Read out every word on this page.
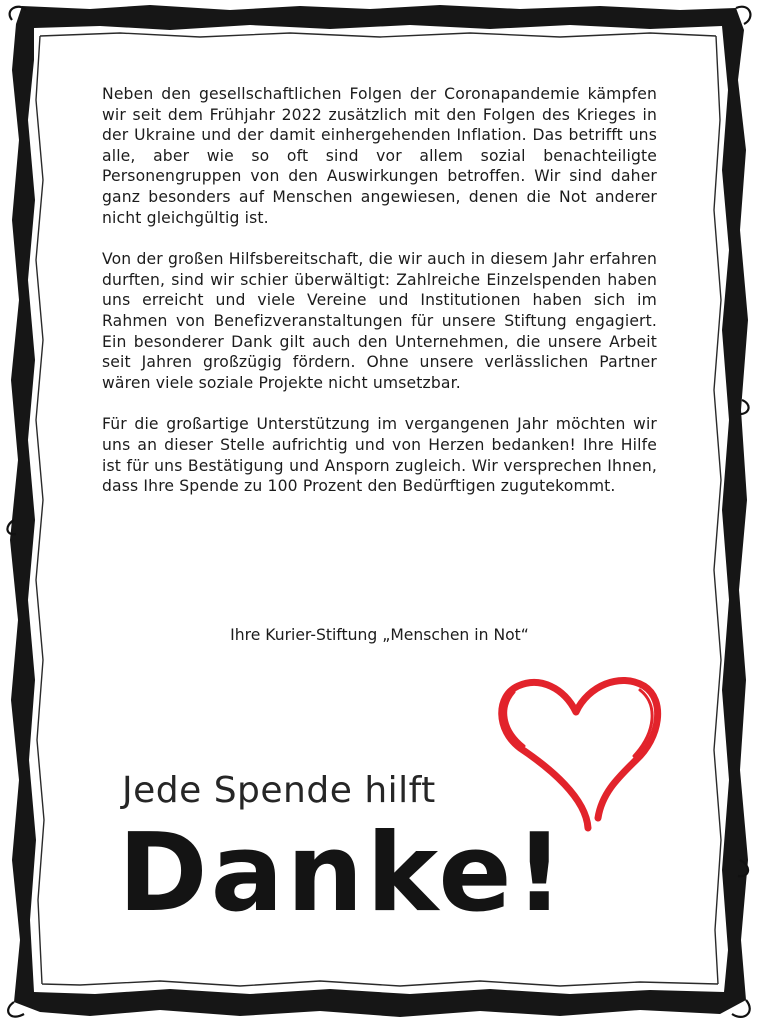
Neben den gesellschaftlichen Folgen der Coronapandemie kämpfen wir seit dem Frühjahr 2022 zusätzlich mit den Folgen des Krieges in der Ukraine und der damit einhergehenden Inflation. Das betrifft uns alle, aber wie so oft sind vor allem sozial benachteiligte Personengruppen von den Auswirkungen betroffen. Wir sind daher ganz besonders auf Menschen angewiesen, denen die Not anderer nicht gleichgültig ist.

Von der großen Hilfsbereitschaft, die wir auch in diesem Jahr erfahren durften, sind wir schier überwältigt: Zahlreiche Einzelspenden haben uns erreicht und viele Vereine und Institutionen haben sich im Rahmen von Benefizveranstaltungen für unsere Stiftung engagiert. Ein besonderer Dank gilt auch den Unternehmen, die unsere Arbeit seit Jahren großzügig fördern. Ohne unsere verlässlichen Partner wären viele soziale Projekte nicht umsetzbar.

Für die großartige Unterstützung im vergangenen Jahr möchten wir uns an dieser Stelle aufrichtig und von Herzen bedanken! Ihre Hilfe ist für uns Bestätigung und Ansporn zugleich. Wir versprechen Ihnen, dass Ihre Spende zu 100 Prozent den Bedürftigen zugutekommt.

Ihre Kurier-Stiftung „Menschen in Not“
Jede Spende hilft
Danke!
